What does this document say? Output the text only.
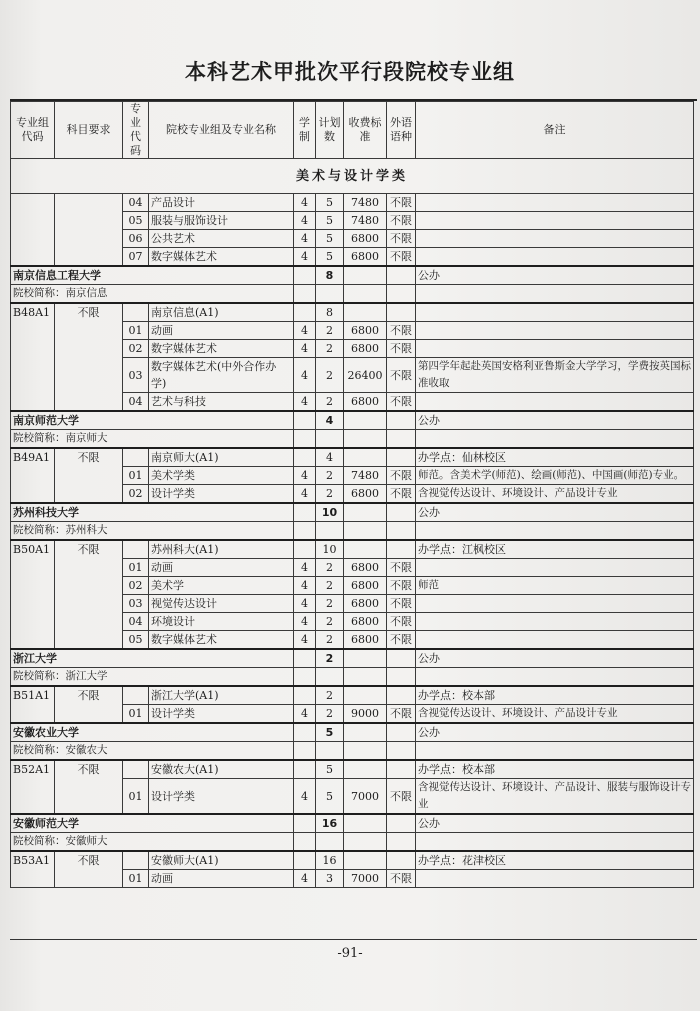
本科艺术甲批次平行段院校专业组
专业组代码	科目要求	专业代码	院校专业组及专业名称	学制	计划数	收费标准	外语语种	备注
美术与设计学类								
		04	产品设计	4	5	7480	不限	
		05	服装与服饰设计	4	5	7480	不限	
		06	公共艺术	4	5	6800	不限	
		07	数字媒体艺术	4	5	6800	不限	
南京信息工程大学					8			公办
院校简称：南京信息								
B48A1	不限		南京信息(A1)		8			
		01	动画	4	2	6800	不限	
		02	数字媒体艺术	4	2	6800	不限	
		03	数字媒体艺术(中外合作办学)	4	2	26400	不限	第四学年起赴英国安格利亚鲁斯金大学学习，学费按英国标准收取
		04	艺术与科技	4	2	6800	不限	
南京师范大学					4			公办
院校简称：南京师大								
B49A1	不限		南京师大(A1)		4			办学点：仙林校区
		01	美术学类	4	2	7480	不限	师范。含美术学(师范)、绘画(师范)、中国画(师范)专业。
		02	设计学类	4	2	6800	不限	含视觉传达设计、环境设计、产品设计专业
苏州科技大学					10			公办
院校简称：苏州科大								
B50A1	不限		苏州科大(A1)		10			办学点：江枫校区
		01	动画	4	2	6800	不限	
		02	美术学	4	2	6800	不限	师范
		03	视觉传达设计	4	2	6800	不限	
		04	环境设计	4	2	6800	不限	
		05	数字媒体艺术	4	2	6800	不限	
浙江大学					2			公办
院校简称：浙江大学								
B51A1	不限		浙江大学(A1)		2			办学点：校本部
		01	设计学类	4	2	9000	不限	含视觉传达设计、环境设计、产品设计专业
安徽农业大学					5			公办
院校简称：安徽农大								
B52A1	不限		安徽农大(A1)		5			办学点：校本部
		01	设计学类	4	5	7000	不限	含视觉传达设计、环境设计、产品设计、服装与服饰设计专业
安徽师范大学					16			公办
院校简称：安徽师大								
B53A1	不限		安徽师大(A1)		16			办学点：花津校区
		01	动画	4	3	7000	不限	
-91-
